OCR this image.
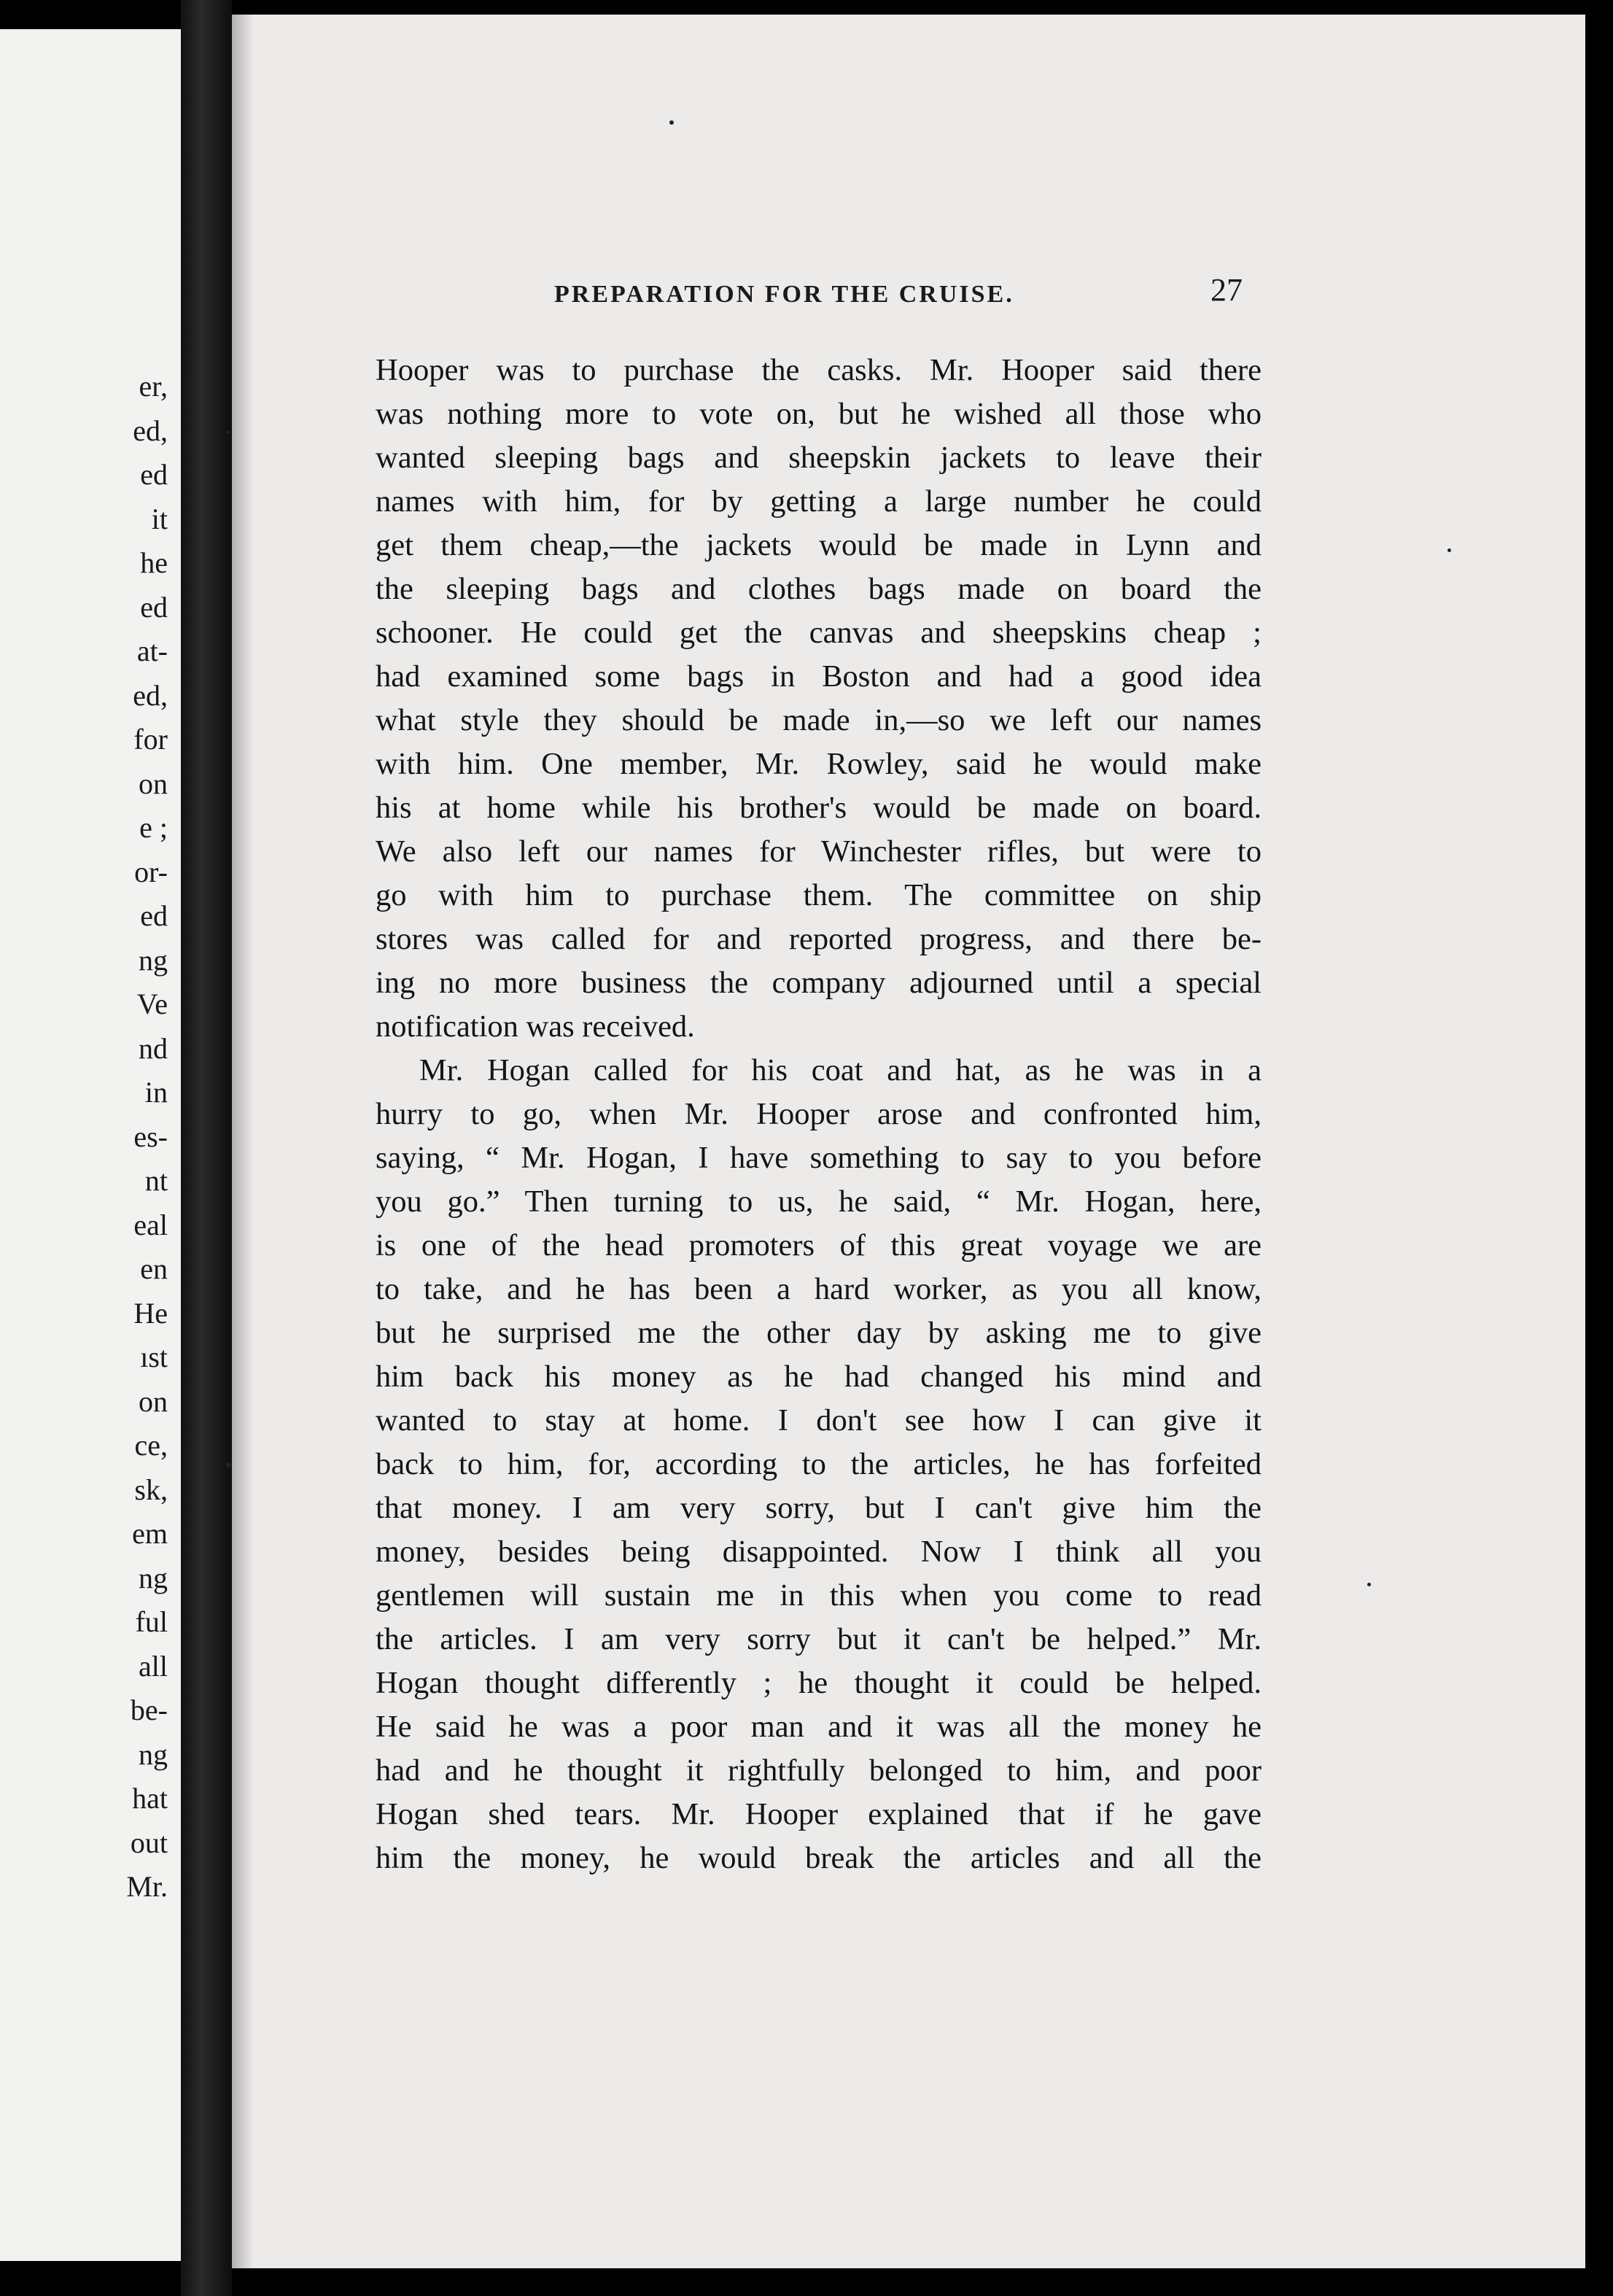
er,
ed,
ed
it
he
ed
at-
ed,
for
on
e ;
or-
ed
ng
Ve
nd
in
es-
nt
eal
en
He
ıst
on
ce,
sk,
em
ng
ful
all
be-
ng
hat
out
Mr.
PREPARATION FOR THE CRUISE.	27
Hooper was to purchase the casks. Mr. Hooper said there
was nothing more to vote on, but he wished all those who
wanted sleeping bags and sheepskin jackets to leave their
names with him, for by getting a large number he could
get them cheap,—the jackets would be made in Lynn and
the sleeping bags and clothes bags made on board the
schooner. He could get the canvas and sheepskins cheap ;
had examined some bags in Boston and had a good idea
what style they should be made in,—so we left our names
with him. One member, Mr. Rowley, said he would make
his at home while his brother's would be made on board.
We also left our names for Winchester rifles, but were to
go with him to purchase them. The committee on ship
stores was called for and reported progress, and there be-
ing no more business the company adjourned until a special
notification was received.
Mr. Hogan called for his coat and hat, as he was in a
hurry to go, when Mr. Hooper arose and confronted him,
saying, “ Mr. Hogan, I have something to say to you before
you go.” Then turning to us, he said, “ Mr. Hogan, here,
is one of the head promoters of this great voyage we are
to take, and he has been a hard worker, as you all know,
but he surprised me the other day by asking me to give
him back his money as he had changed his mind and
wanted to stay at home. I don't see how I can give it
back to him, for, according to the articles, he has forfeited
that money. I am very sorry, but I can't give him the
money, besides being disappointed. Now I think all you
gentlemen will sustain me in this when you come to read
the articles. I am very sorry but it can't be helped.” Mr.
Hogan thought differently ; he thought it could be helped.
He said he was a poor man and it was all the money he
had and he thought it rightfully belonged to him, and poor
Hogan shed tears. Mr. Hooper explained that if he gave
him the money, he would break the articles and all the
